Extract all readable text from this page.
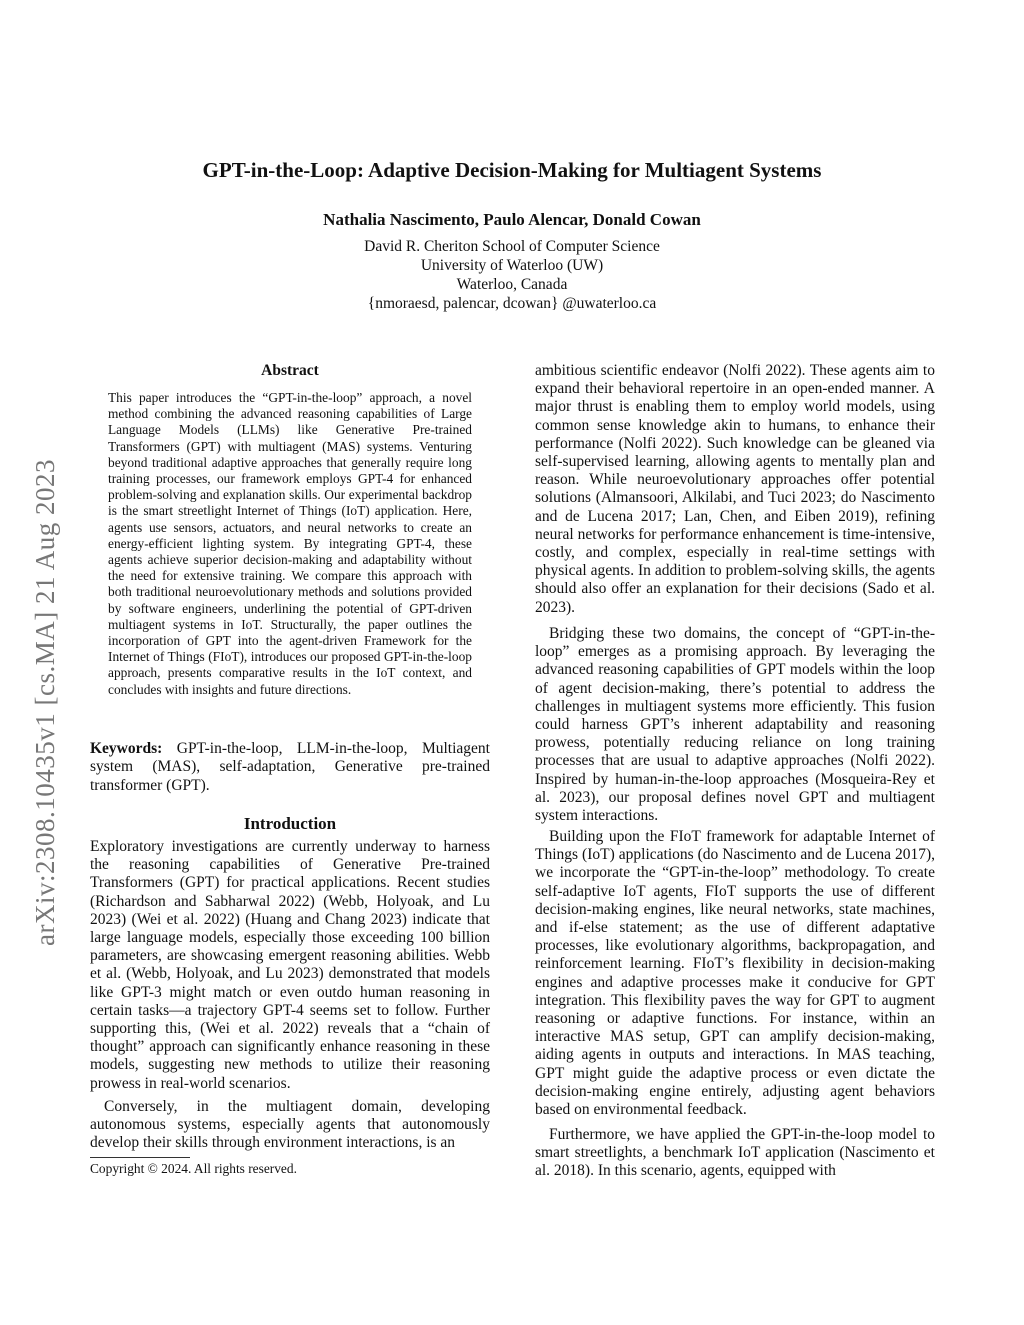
GPT-in-the-Loop: Adaptive Decision-Making for Multiagent Systems
Nathalia Nascimento, Paulo Alencar, Donald Cowan
David R. Cheriton School of Computer Science
University of Waterloo (UW)
Waterloo, Canada
{nmoraesd, palencar, dcowan} @uwaterloo.ca
arXiv:2308.10435v1 [cs.MA] 21 Aug 2023
Abstract

This paper introduces the “GPT-in-the-loop” approach, a novel method combining the advanced reasoning capabilities of Large Language Models (LLMs) like Generative Pre-trained Transformers (GPT) with multiagent (MAS) systems. Venturing beyond traditional adaptive approaches that generally require long training processes, our framework employs GPT-4 for enhanced problem-solving and explanation skills. Our experimental backdrop is the smart streetlight Internet of Things (IoT) application. Here, agents use sensors, actuators, and neural networks to create an energy-efficient lighting system. By integrating GPT-4, these agents achieve superior decision-making and adaptability without the need for extensive training. We compare this approach with both traditional neuroevolutionary methods and solutions provided by software engineers, underlining the potential of GPT-driven multiagent systems in IoT. Structurally, the paper outlines the incorporation of GPT into the agent-driven Framework for the Internet of Things (FIoT), introduces our proposed GPT-in-the-loop approach, presents comparative results in the IoT context, and concludes with insights and future directions.

Keywords: GPT-in-the-loop, LLM-in-the-loop, Multiagent system (MAS), self-adaptation, Generative pre-trained transformer (GPT).

Introduction

Exploratory investigations are currently underway to harness the reasoning capabilities of Generative Pre-trained Transformers (GPT) for practical applications. Recent studies (Richardson and Sabharwal 2022) (Webb, Holyoak, and Lu 2023) (Wei et al. 2022) (Huang and Chang 2023) indicate that large language models, especially those exceeding 100 billion parameters, are showcasing emergent reasoning abilities. Webb et al. (Webb, Holyoak, and Lu 2023) demonstrated that models like GPT-3 might match or even outdo human reasoning in certain tasks—a trajectory GPT-4 seems set to follow. Further supporting this, (Wei et al. 2022) reveals that a “chain of thought” approach can significantly enhance reasoning in these models, suggesting new methods to utilize their reasoning prowess in real-world scenarios.

Conversely, in the multiagent domain, developing autonomous systems, especially agents that autonomously develop their skills through environment interactions, is an

Copyright © 2024. All rights reserved.

ambitious scientific endeavor (Nolfi 2022). These agents aim to expand their behavioral repertoire in an open-ended manner. A major thrust is enabling them to employ world models, using common sense knowledge akin to humans, to enhance their performance (Nolfi 2022). Such knowledge can be gleaned via self-supervised learning, allowing agents to mentally plan and reason. While neuroevolutionary approaches offer potential solutions (Almansoori, Alkilabi, and Tuci 2023; do Nascimento and de Lucena 2017; Lan, Chen, and Eiben 2019), refining neural networks for performance enhancement is time-intensive, costly, and complex, especially in real-time settings with physical agents. In addition to problem-solving skills, the agents should also offer an explanation for their decisions (Sado et al. 2023).

Bridging these two domains, the concept of “GPT-in-the-loop” emerges as a promising approach. By leveraging the advanced reasoning capabilities of GPT models within the loop of agent decision-making, there’s potential to address the challenges in multiagent systems more efficiently. This fusion could harness GPT’s inherent adaptability and reasoning prowess, potentially reducing reliance on long training processes that are usual to adaptive approaches (Nolfi 2022). Inspired by human-in-the-loop approaches (Mosqueira-Rey et al. 2023), our proposal defines novel GPT and multiagent system interactions.

Building upon the FIoT framework for adaptable Internet of Things (IoT) applications (do Nascimento and de Lucena 2017), we incorporate the “GPT-in-the-loop” methodology. To create self-adaptive IoT agents, FIoT supports the use of different decision-making engines, like neural networks, state machines, and if-else statement; as the use of different adaptative processes, like evolutionary algorithms, backpropagation, and reinforcement learning. FIoT’s flexibility in decision-making engines and adaptive processes make it conducive for GPT integration. This flexibility paves the way for GPT to augment reasoning or adaptive functions. For instance, within an interactive MAS setup, GPT can amplify decision-making, aiding agents in outputs and interactions. In MAS teaching, GPT might guide the adaptive process or even dictate the decision-making engine entirely, adjusting agent behaviors based on environmental feedback.

Furthermore, we have applied the GPT-in-the-loop model to smart streetlights, a benchmark IoT application (Nascimento et al. 2018). In this scenario, agents, equipped with
